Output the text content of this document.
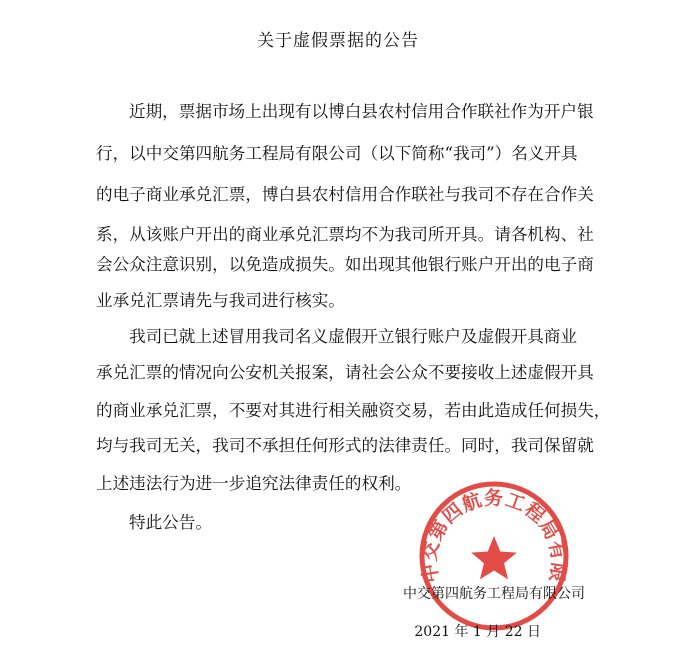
关于虚假票据的公告
近期，票据市场上出现有以博白县农村信用合作联社作为开户银
行，以中交第四航务工程局有限公司（以下简称“我司”）名义开具
的电子商业承兑汇票，博白县农村信用合作联社与我司不存在合作关
系，从该账户开出的商业承兑汇票均不为我司所开具。请各机构、社
会公众注意识别，以免造成损失。如出现其他银行账户开出的电子商
业承兑汇票请先与我司进行核实。
我司已就上述冒用我司名义虚假开立银行账户及虚假开具商业
承兑汇票的情况向公安机关报案，请社会公众不要接收上述虚假开具
的商业承兑汇票，不要对其进行相关融资交易，若由此造成任何损失，
均与我司无关，我司不承担任何形式的法律责任。同时，我司保留就
上述违法行为进一步追究法律责任的权利。
特此公告。
中交第四航务工程局有限
中交第四航务工程局有限公司
2021 年 1 月 22 日
